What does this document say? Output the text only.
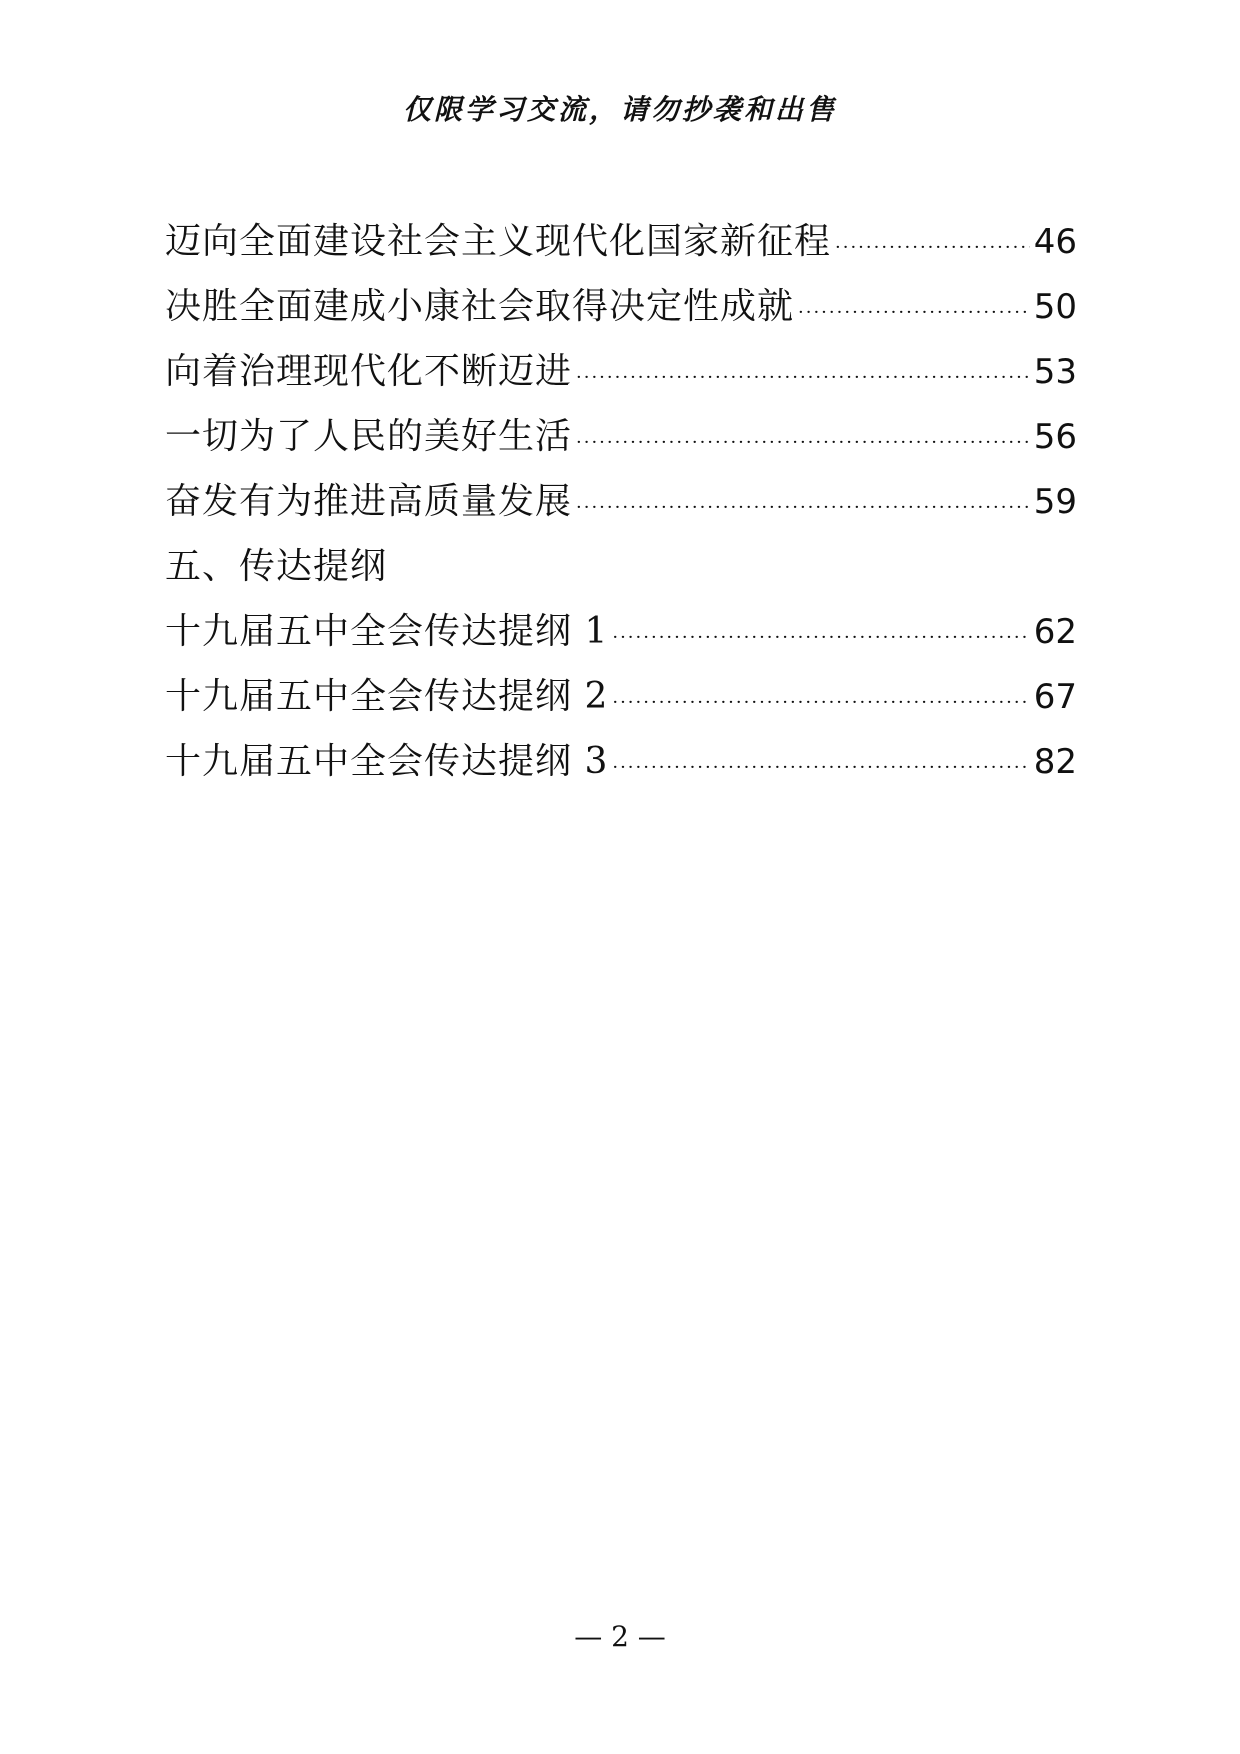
仅限学习交流，请勿抄袭和出售
迈向全面建设社会主义现代化国家新征程 ·····	46
决胜全面建成小康社会取得决定性成就 ·····	50
向着治理现代化不断迈进 ·····	53
一切为了人民的美好生活 ·····	56
奋发有为推进高质量发展 ·····	59
五、传达提纲
十九届五中全会传达提纲 1 ·····	62
十九届五中全会传达提纲 2 ·····	67
十九届五中全会传达提纲 3 ·····	82
— 2 —
